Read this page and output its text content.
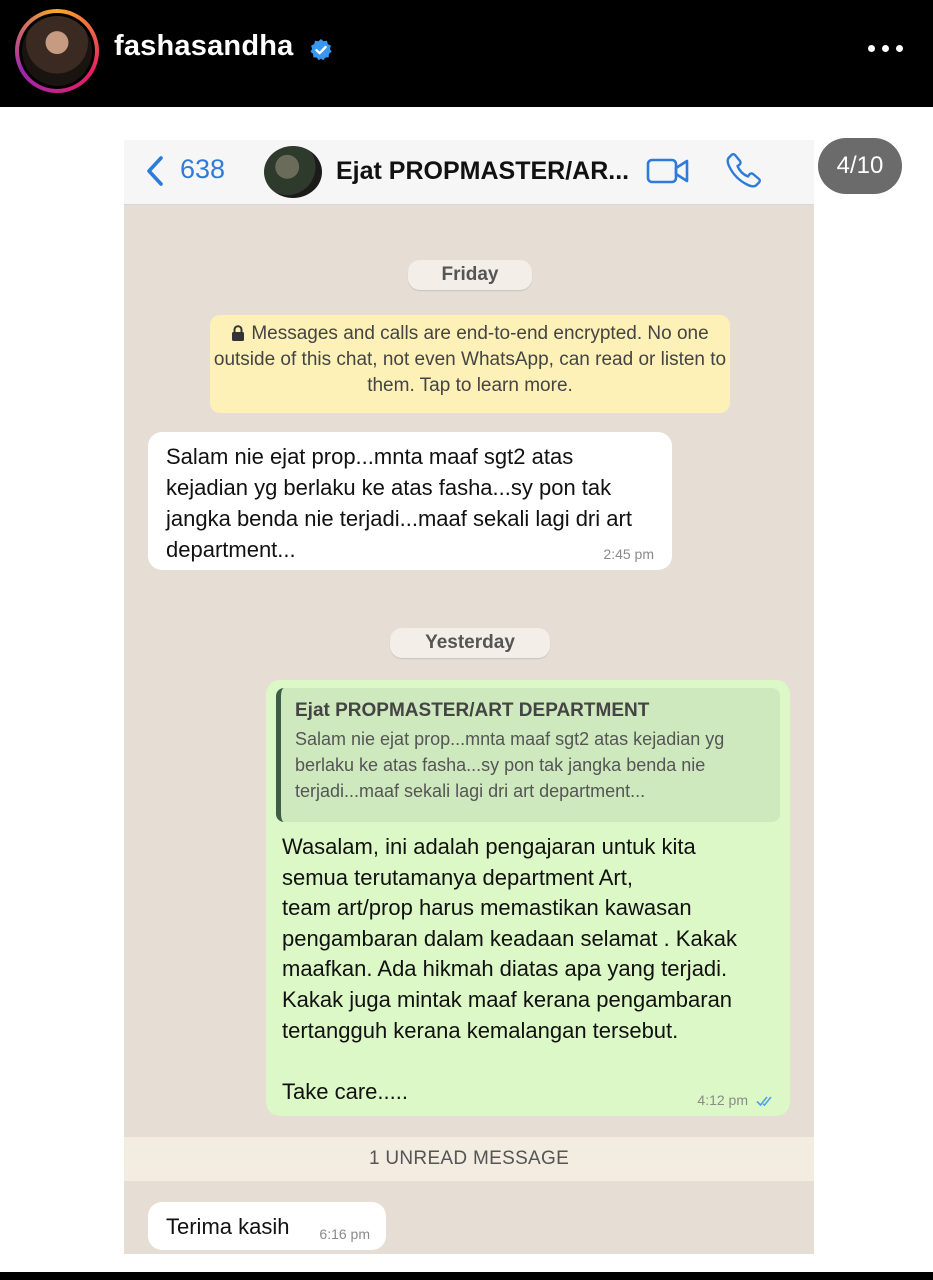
fashasandha
638	Ejat PROPMASTER/AR...
Friday
Messages and calls are end-to-end encrypted. No one outside of this chat, not even WhatsApp, can read or listen to them. Tap to learn more.
Salam nie ejat prop...mnta maaf sgt2 atas kejadian yg berlaku ke atas fasha...sy pon tak jangka benda nie terjadi...maaf sekali lagi dri art department...	2:45 pm
Yesterday
Ejat PROPMASTER/ART DEPARTMENT
Salam nie ejat prop...mnta maaf sgt2 atas kejadian yg berlaku ke atas fasha...sy pon tak jangka benda nie terjadi...maaf sekali lagi dri art department...
Wasalam, ini adalah pengajaran untuk kita
semua terutamanya department Art,
team art/prop harus memastikan kawasan
pengambaran dalam keadaan selamat . Kakak
maafkan. Ada hikmah diatas apa yang terjadi.
Kakak juga mintak maaf kerana pengambaran
tertangguh kerana kemalangan tersebut.

Take care.....	4:12 pm
1 UNREAD MESSAGE
Terima kasih 6:16 pm
4/10
